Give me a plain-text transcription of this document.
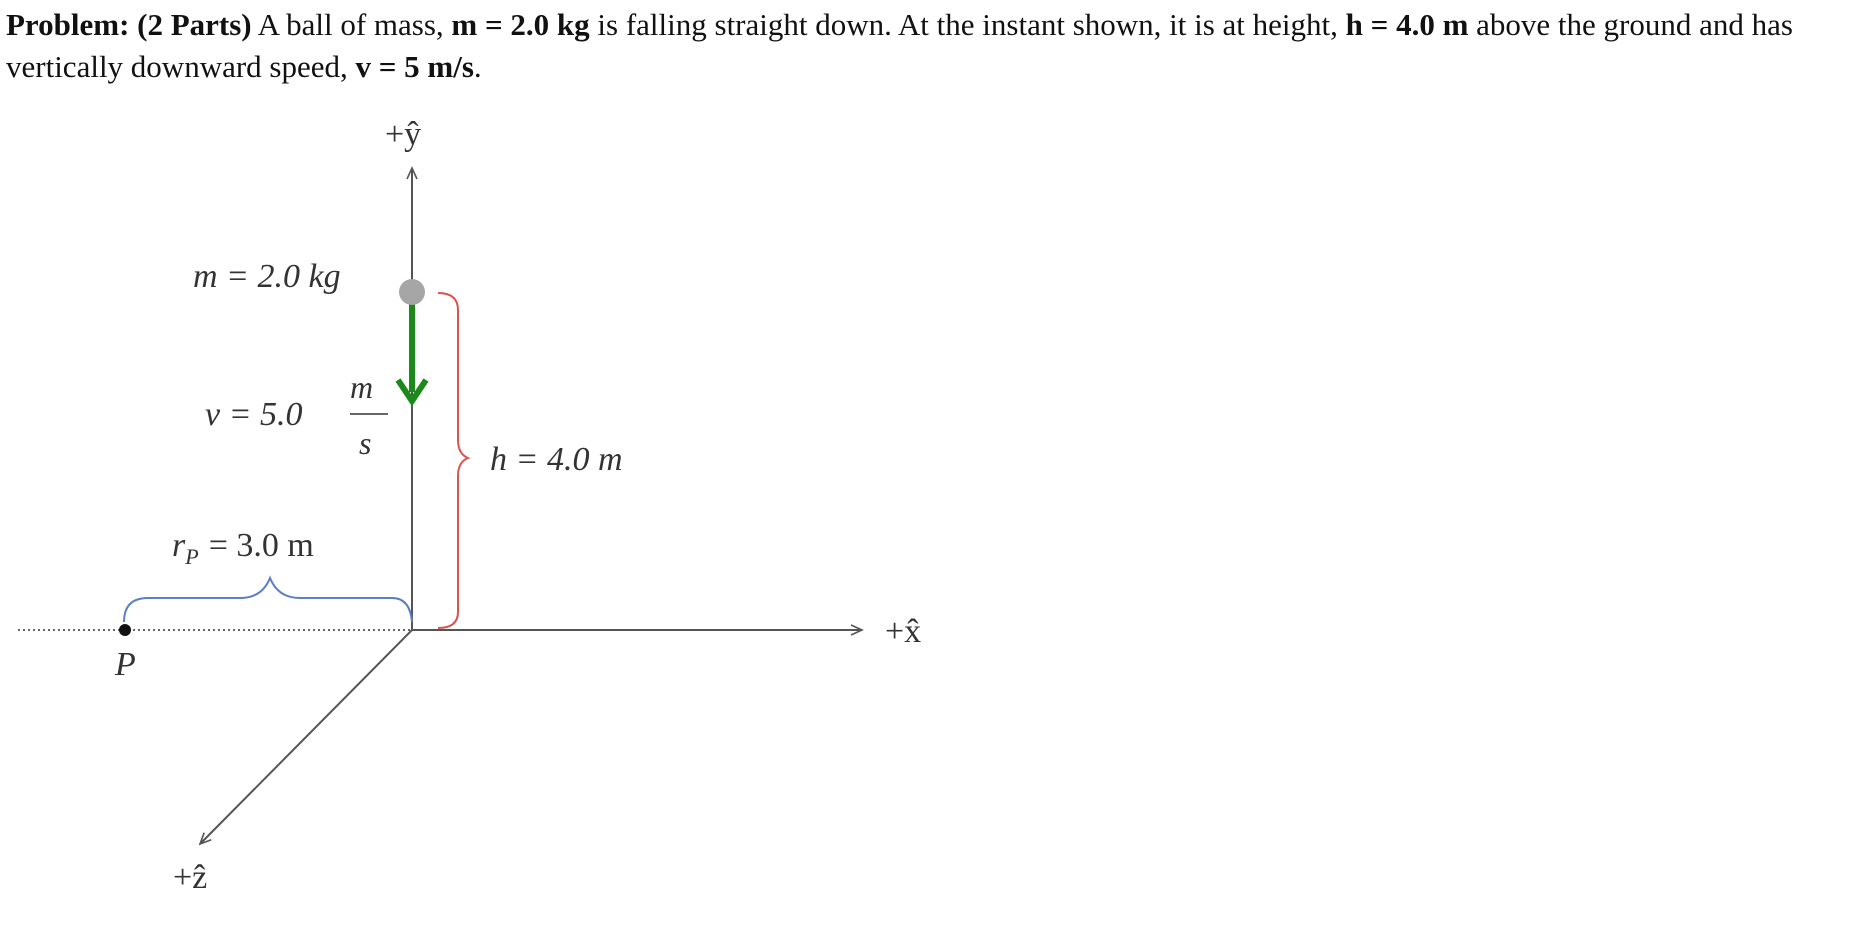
Problem: (2 Parts) A ball of mass, m = 2.0 kg is falling straight down. At the instant shown, it is at height, h = 4.0 m above the ground and has vertically downward speed, v = 5 m/s.
+ŷ
+x̂
+ẑ
P
m = 2.0 kg
v = 5.0
m
s	h = 4.0 m
$r_P = 3.0$ m
